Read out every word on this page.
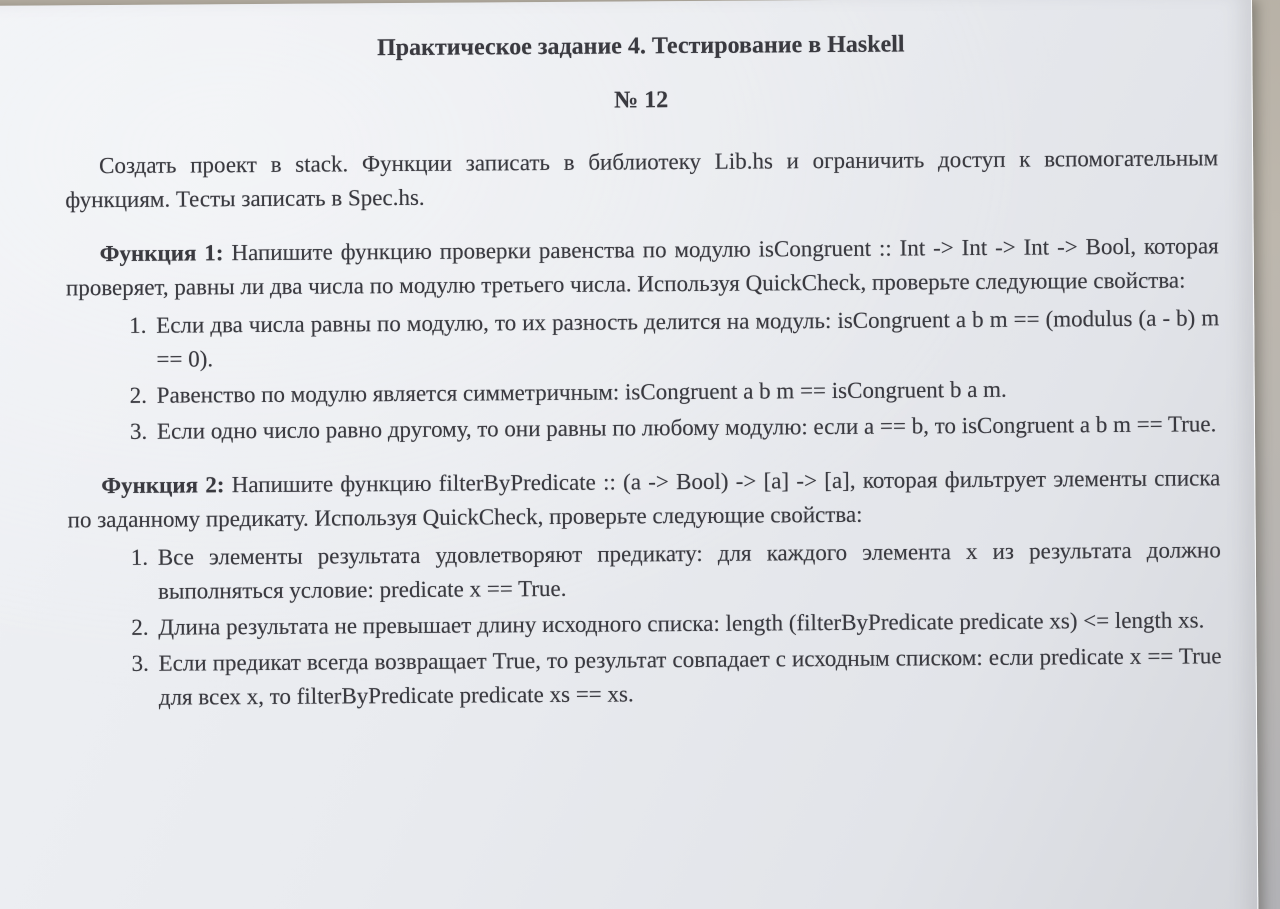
Практическое задание 4. Тестирование в Haskell
№ 12

Создать проект в stack. Функции записать в библиотеку Lib.hs и ограничить доступ к вспомогательным функциям. Тесты записать в Spec.hs.

Функция 1: Напишите функцию проверки равенства по модулю isCongruent :: Int -> Int -> Int -> Bool, которая проверяет, равны ли два числа по модулю третьего числа. Используя QuickCheck, проверьте следующие свойства:

1. Если два числа равны по модулю, то их разность делится на модуль: isCongruent a b m == (modulus (a - b) m == 0).
2. Равенство по модулю является симметричным: isCongruent a b m == isCongruent b a m.
3. Если одно число равно другому, то они равны по любому модулю: если a == b, то isCongruent a b m == True.

Функция 2: Напишите функцию filterByPredicate :: (a -> Bool) -> [a] -> [a], которая фильтрует элементы списка по заданному предикату. Используя QuickCheck, проверьте следующие свойства:

1. Все элементы результата удовлетворяют предикату: для каждого элемента x из результата должно выполняться условие: predicate x == True.
2. Длина результата не превышает длину исходного списка: length (filterByPredicate predicate xs) <= length xs.
3. Если предикат всегда возвращает True, то результат совпадает с исходным списком: если predicate x == True для всех x, то filterByPredicate predicate xs == xs.
